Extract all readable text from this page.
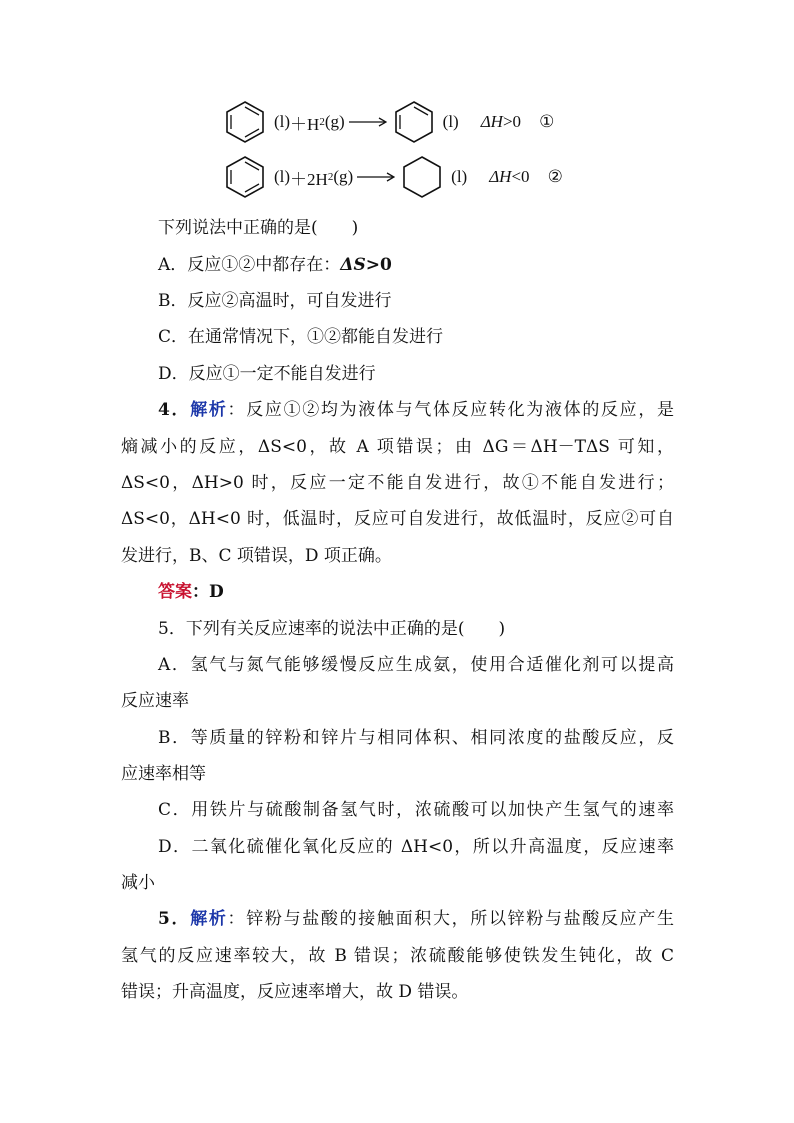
(l) ＋H 2 (g)	(l) ΔH >0 ①
(l) ＋2H 2 (g)	(l) ΔH <0 ②
下列说法中正确的是(　　)
A．反应①②中都存在：ΔS>0
B．反应②高温时，可自发进行
C．在通常情况下，①②都能自发进行
D．反应①一定不能自发进行
4．解析：反应①②均为液体与气体反应转化为液体的反应，是
熵减小的反应，ΔS<0，故 A 项错误；由 ΔG＝ΔH－TΔS 可知，
ΔS<0，ΔH>0 时，反应一定不能自发进行，故①不能自发进行；
ΔS<0，ΔH<0 时，低温时，反应可自发进行，故低温时，反应②可自
发进行，B、C 项错误，D 项正确。
答案：D
5．下列有关反应速率的说法中正确的是(　　)
A．氢气与氮气能够缓慢反应生成氨，使用合适催化剂可以提高
反应速率
B．等质量的锌粉和锌片与相同体积、相同浓度的盐酸反应，反
应速率相等
C．用铁片与硫酸制备氢气时，浓硫酸可以加快产生氢气的速率
D．二氧化硫催化氧化反应的 ΔH<0，所以升高温度，反应速率
减小
5．解析：锌粉与盐酸的接触面积大，所以锌粉与盐酸反应产生
氢气的反应速率较大，故 B 错误；浓硫酸能够使铁发生钝化，故 C
错误；升高温度，反应速率增大，故 D 错误。
